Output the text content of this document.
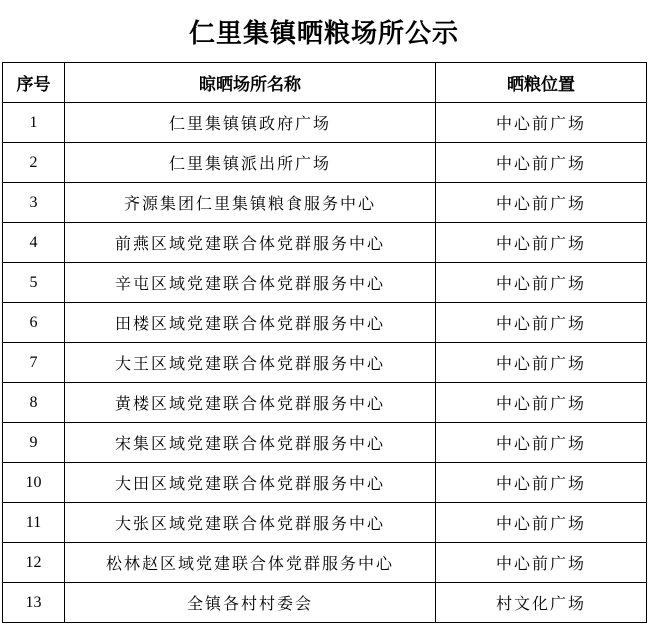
仁里集镇晒粮场所公示
序号	晾晒场所名称	晒粮位置
1	仁里集镇镇政府广场	中心前广场
2	仁里集镇派出所广场	中心前广场
3	齐源集团仁里集镇粮食服务中心	中心前广场
4	前燕区域党建联合体党群服务中心	中心前广场
5	辛屯区域党建联合体党群服务中心	中心前广场
6	田楼区域党建联合体党群服务中心	中心前广场
7	大王区域党建联合体党群服务中心	中心前广场
8	黄楼区域党建联合体党群服务中心	中心前广场
9	宋集区域党建联合体党群服务中心	中心前广场
10	大田区域党建联合体党群服务中心	中心前广场
11	大张区域党建联合体党群服务中心	中心前广场
12	松林赵区域党建联合体党群服务中心	中心前广场
13	全镇各村村委会	村文化广场
